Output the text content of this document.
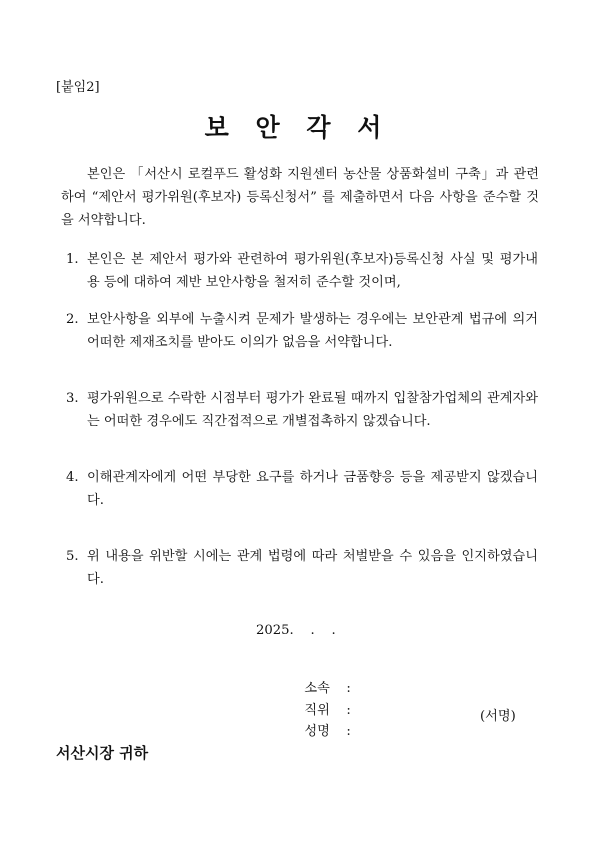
[붙임2]
보 안 각 서

본인은 「서산시 로컬푸드 활성화 지원센터 농산물 상품화설비 구축」과 관련하여 “제안서 평가위원(후보자) 등록신청서” 를 제출하면서 다음 사항을 준수할 것을 서약합니다.

1. 본인은 본 제안서 평가와 관련하여 평가위원(후보자)등록신청 사실 및 평가내용 등에 대하여 제반 보안사항을 철저히 준수할 것이며,
2. 보안사항을 외부에 누출시켜 문제가 발생하는 경우에는 보안관계 법규에 의거 어떠한 제재조치를 받아도 이의가 없음을 서약합니다.
3. 평가위원으로 수락한 시점부터 평가가 완료될 때까지 입찰참가업체의 관계자와는 어떠한 경우에도 직간접적으로 개별접촉하지 않겠습니다.
4. 이해관계자에게 어떤 부당한 요구를 하거나 금품향응 등을 제공받지 않겠습니다.
5. 위 내용을 위반할 시에는 관계 법령에 따라 처벌받을 수 있음을 인지하였습니다.
2025.    .    .

소속 :

직위 :

성명 :

(서명)
서산시장 귀하
